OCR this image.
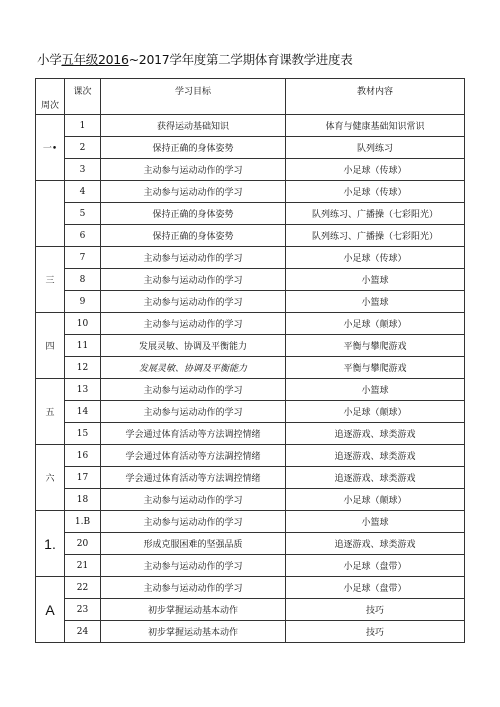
小学五年级2016~2017学年度第二学期体育课教学进度表
周次	课次	学习目标	教材内容
一•	1	获得运动基础知识	体育与健康基础知识常识
	2	保持正确的身体姿势	队列练习
	3	主动参与运动动作的学习	小足球（传球）
	4	主动参与运动动作的学习	小足球（传球）
	5	保持正确的身体姿势	队列练习、广播操（七彩阳光）
	6	保持正确的身体姿势	队列练习、广播操（七彩阳光）
三	7	主动参与运动动作的学习	小足球（传球）
	8	主动参与运动动作的学习	小篮球
	9	主动参与运动动作的学习	小篮球
四	10	主动参与运动动作的学习	小足球（颠球）
	11	发展灵敏、协调及平衡能力	平衡与攀爬游戏
	12	发展灵敏、协调及平衡能力	平衡与攀爬游戏
五	13	主动参与运动动作的学习	小篮球
	14	主动参与运动动作的学习	小足球（颠球）
	15	学会通过体育活动等方法调控情绪	追逐游戏、球类游戏
六	16	学会通过体育活动等方法調控情绪	追逐游戏、球类游戏
	17	学会通过体育活动等方法调控情绪	追逐游戏、球类游戏
	18	主动参与运动动作的学习	小足球（颠球）
1.	1.B	主动参与运动动作的学习	小篮球
	20	形成克服困难的坚强品质	追逐游戏、球类游戏
	21	主动参与运动动作的学习	小足球（盘带）
A	22	主动参与运动动作的学习	小足球（盘带）
	23	初步掌握运动基本动作	技巧
	24	初步掌握运动基本动作	技巧
